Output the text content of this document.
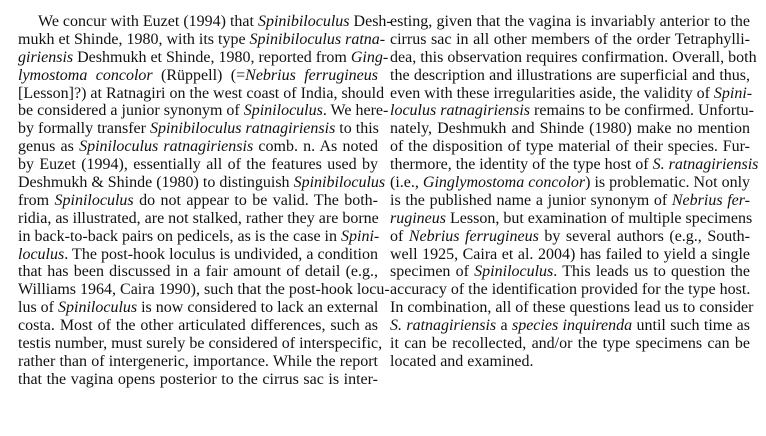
We concur with Euzet (1994) that Spinibiloculus Desh-
mukh et Shinde, 1980, with its type Spinibiloculus ratna-
giriensis Deshmukh et Shinde, 1980, reported from Ging-
lymostoma concolor (Rüppell) (=Nebrius ferrugineus
[Lesson]?) at Ratnagiri on the west coast of India, should
be considered a junior synonym of Spiniloculus. We here-
by formally transfer Spinibiloculus ratnagiriensis to this
genus as Spiniloculus ratnagiriensis comb. n. As noted
by Euzet (1994), essentially all of the features used by
Deshmukh & Shinde (1980) to distinguish Spinibiloculus
from Spiniloculus do not appear to be valid. The both-
ridia, as illustrated, are not stalked, rather they are borne
in back-to-back pairs on pedicels, as is the case in Spini-
loculus. The post-hook loculus is undivided, a condition
that has been discussed in a fair amount of detail (e.g.,
Williams 1964, Caira 1990), such that the post-hook locu-
lus of Spiniloculus is now considered to lack an external
costa. Most of the other articulated differences, such as
testis number, must surely be considered of interspecific,
rather than of intergeneric, importance. While the report
that the vagina opens posterior to the cirrus sac is inter-
esting, given that the vagina is invariably anterior to the
cirrus sac in all other members of the order Tetraphylli-
dea, this observation requires confirmation. Overall, both
the description and illustrations are superficial and thus,
even with these irregularities aside, the validity of Spini-
loculus ratnagiriensis remains to be confirmed. Unfortu-
nately, Deshmukh and Shinde (1980) make no mention
of the disposition of type material of their species. Fur-
thermore, the identity of the type host of S. ratnagiriensis
(i.e., Ginglymostoma concolor) is problematic. Not only
is the published name a junior synonym of Nebrius fer-
rugineus Lesson, but examination of multiple specimens
of Nebrius ferrugineus by several authors (e.g., South-
well 1925, Caira et al. 2004) has failed to yield a single
specimen of Spiniloculus. This leads us to question the
accuracy of the identification provided for the type host.
In combination, all of these questions lead us to consider
S. ratnagiriensis a species inquirenda until such time as
it can be recollected, and/or the type specimens can be
located and examined.
